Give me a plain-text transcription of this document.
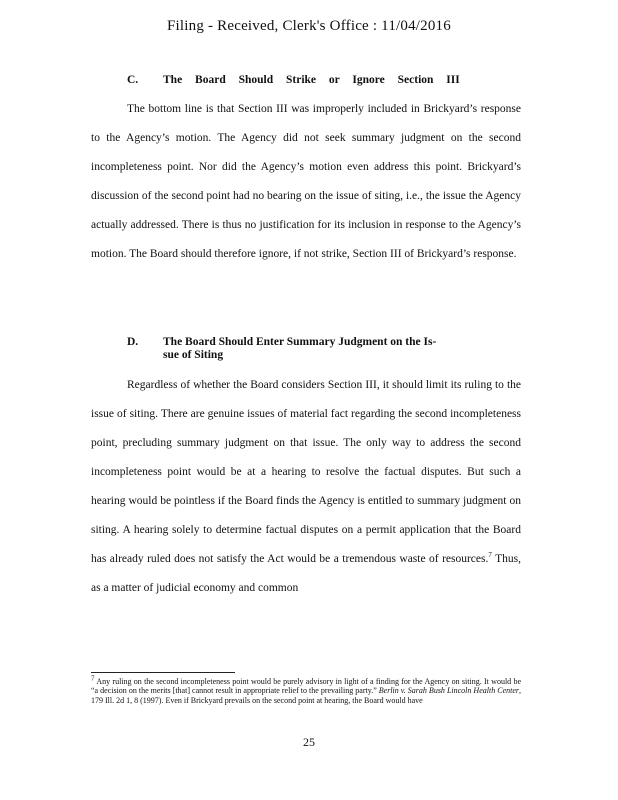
Filing - Received, Clerk's Office : 11/04/2016
C. The Board Should Strike or Ignore Section III

The bottom line is that Section III was improperly included in Brickyard’s response to the Agency’s motion. The Agency did not seek summary judgment on the second incompleteness point. Nor did the Agency’s motion even address this point. Brickyard’s discussion of the second point had no bearing on the issue of siting, i.e., the issue the Agency actually addressed. There is thus no justification for its inclusion in response to the Agency’s motion. The Board should therefore ignore, if not strike, Section III of Brickyard’s response.

D. The Board Should Enter Summary Judgment on the Is-
sue of Siting

Regardless of whether the Board considers Section III, it should limit its ruling to the issue of siting. There are genuine issues of material fact regarding the second incompleteness point, precluding summary judgment on that issue. The only way to address the second incompleteness point would be at a hearing to resolve the factual disputes. But such a hearing would be pointless if the Board finds the Agency is entitled to summary judgment on siting. A hearing solely to determine factual disputes on a permit application that the Board has already ruled does not satisfy the Act would be a tremendous waste of resources.$^7$ Thus, as a matter of judicial economy and common

$^7$ Any ruling on the second incompleteness point would be purely advisory in light of a finding for the Agency on siting. It would be “a decision on the merits [that] cannot result in appropriate relief to the prevailing party.” Berlin v. Sarah Bush Lincoln Health Center, 179 Ill. 2d 1, 8 (1997). Even if Brickyard prevails on the second point at hearing, the Board would have

25
